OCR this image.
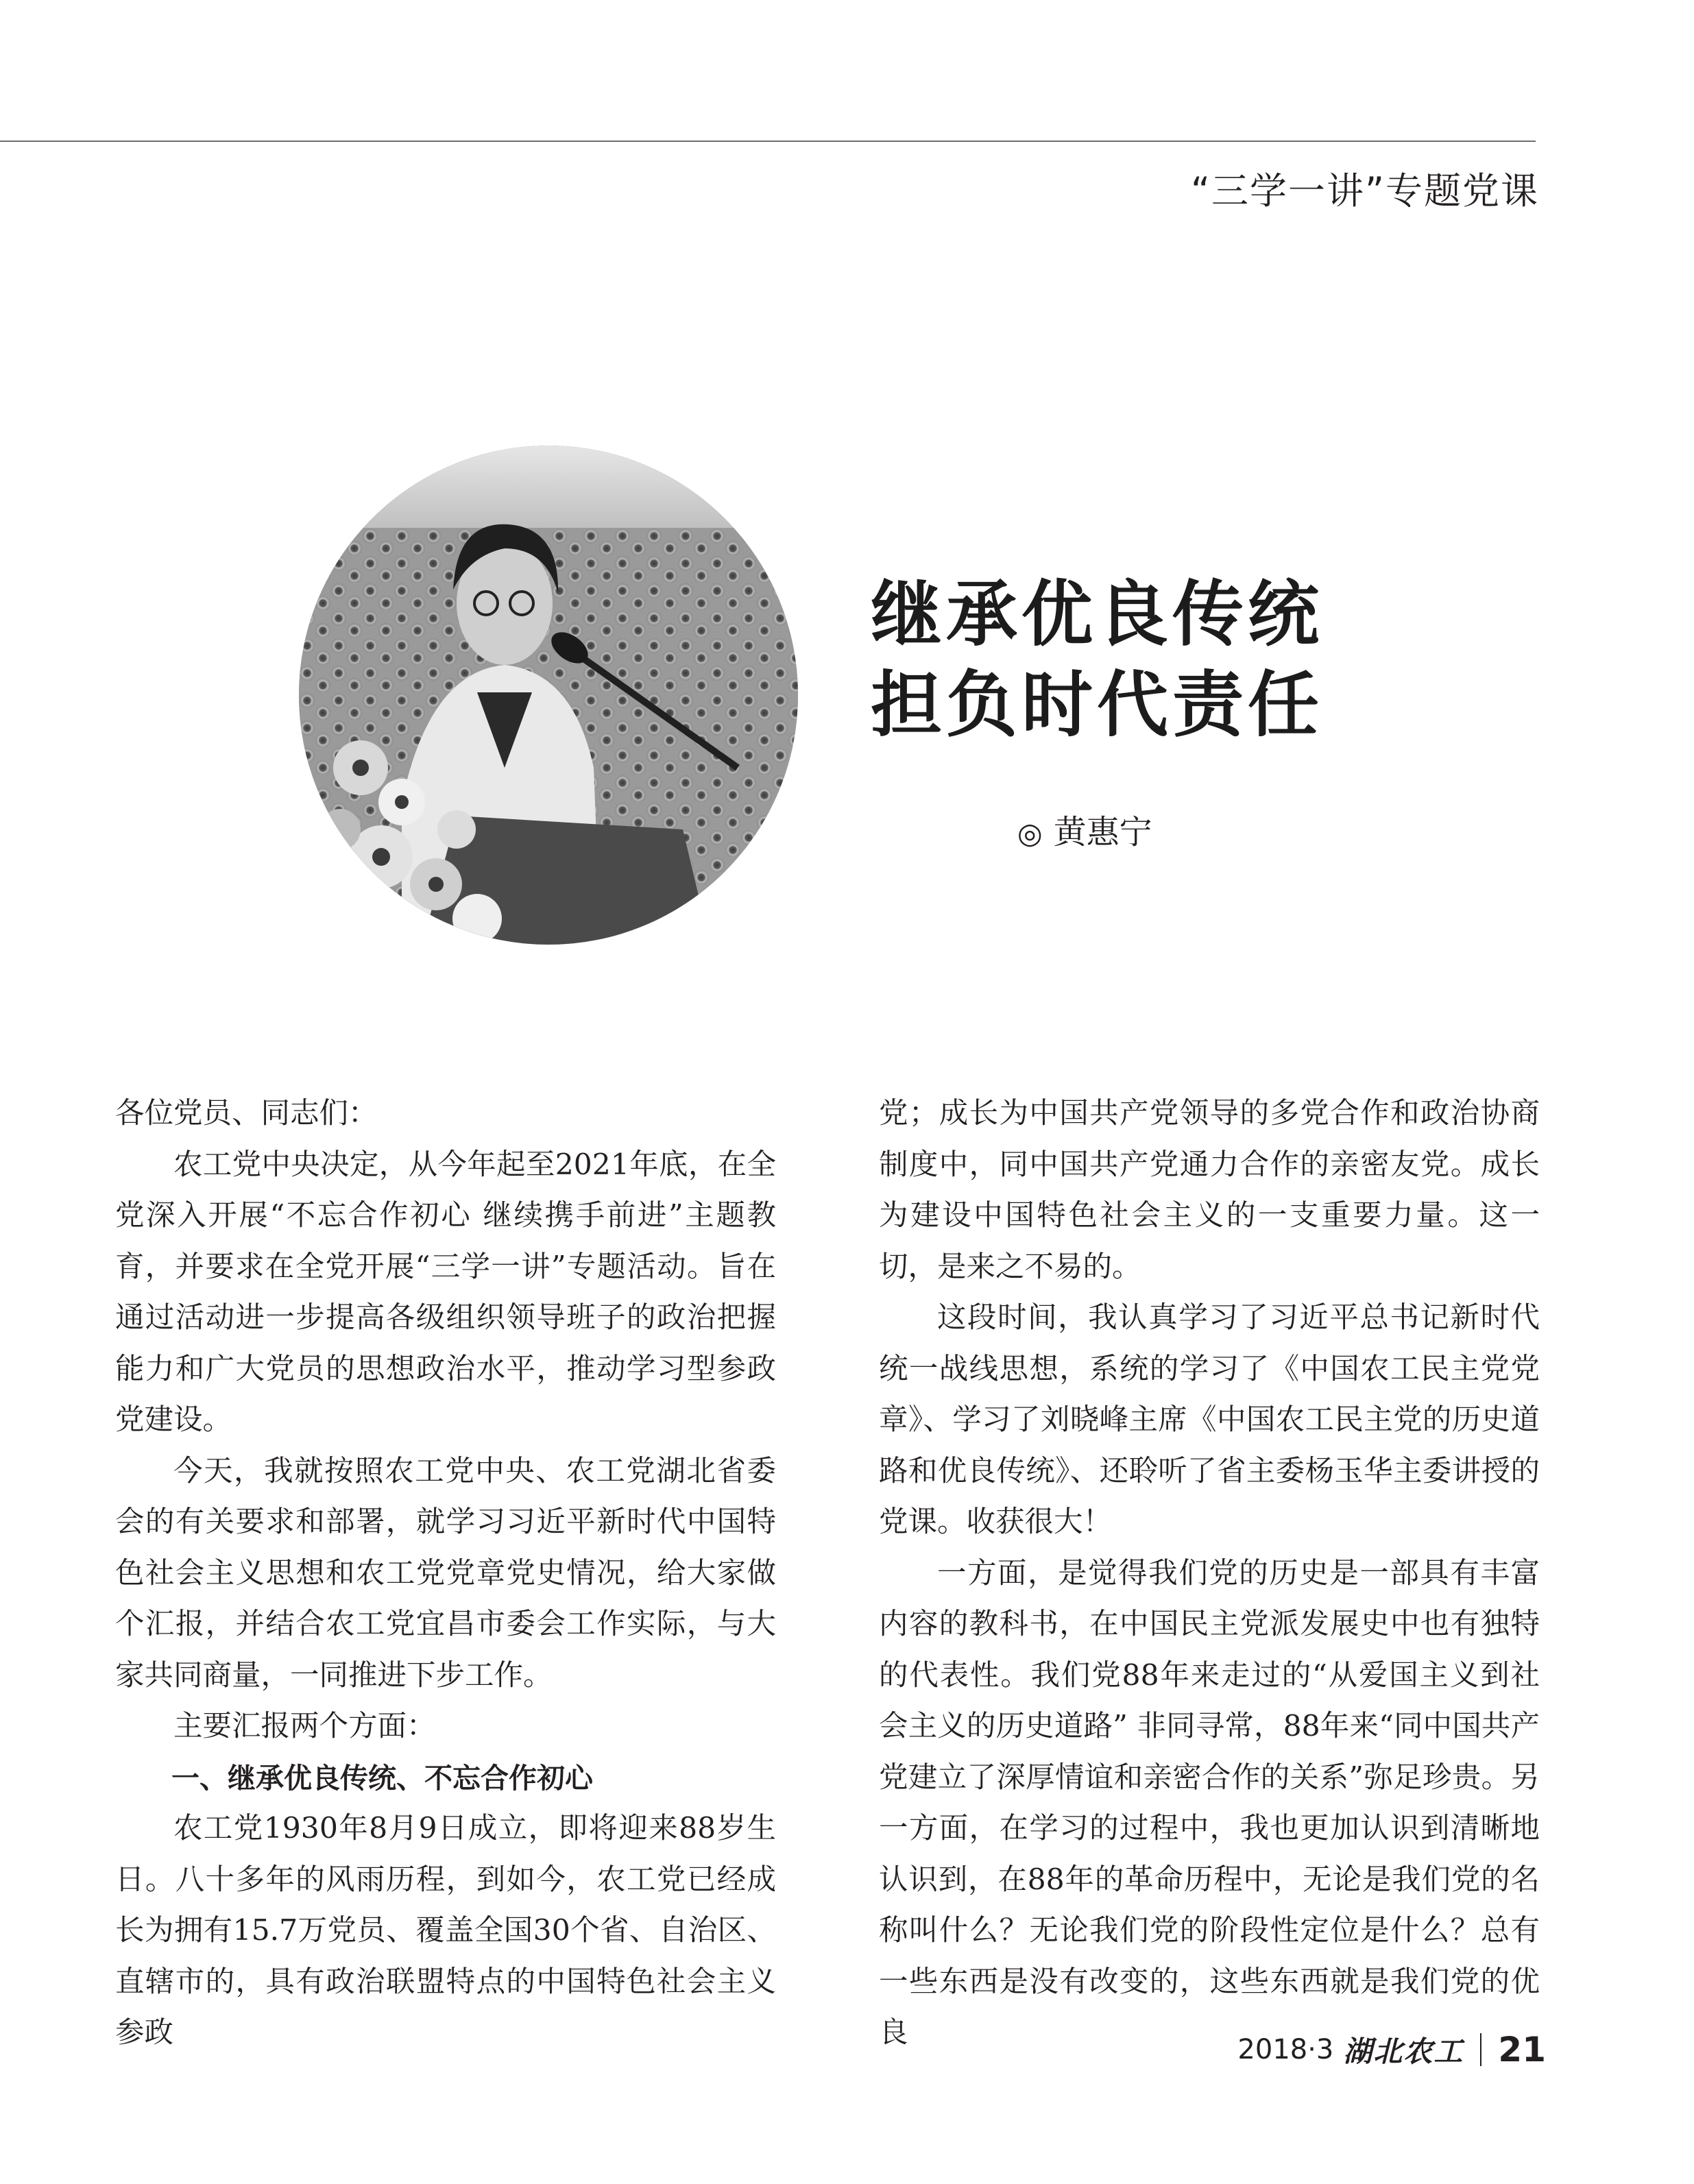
“三学一讲”专题党课
继承优良传统
担负时代责任
◎ 黄惠宁

各位党员、同志们：

农工党中央决定，从今年起至2021年底，在全党深入开展“不忘合作初心 继续携手前进”主题教育，并要求在全党开展“三学一讲”专题活动。旨在通过活动进一步提高各级组织领导班子的政治把握能力和广大党员的思想政治水平，推动学习型参政党建设。

今天，我就按照农工党中央、农工党湖北省委会的有关要求和部署，就学习习近平新时代中国特色社会主义思想和农工党党章党史情况，给大家做个汇报，并结合农工党宜昌市委会工作实际，与大家共同商量，一同推进下步工作。

主要汇报两个方面：

一、继承优良传统、不忘合作初心

农工党1930年8月9日成立，即将迎来88岁生日。八十多年的风雨历程，到如今，农工党已经成长为拥有15.7万党员、覆盖全国30个省、自治区、直辖市的，具有政治联盟特点的中国特色社会主义参政

党；成长为中国共产党领导的多党合作和政治协商制度中，同中国共产党通力合作的亲密友党。成长为建设中国特色社会主义的一支重要力量。这一切，是来之不易的。

这段时间，我认真学习了习近平总书记新时代统一战线思想，系统的学习了《中国农工民主党党章》、学习了刘晓峰主席《中国农工民主党的历史道路和优良传统》、还聆听了省主委杨玉华主委讲授的党课。收获很大！

一方面，是觉得我们党的历史是一部具有丰富内容的教科书，在中国民主党派发展史中也有独特的代表性。我们党88年来走过的“从爱国主义到社会主义的历史道路” 非同寻常，88年来“同中国共产党建立了深厚情谊和亲密合作的关系”弥足珍贵。另一方面，在学习的过程中，我也更加认识到清晰地认识到，在88年的革命历程中，无论是我们党的名称叫什么？无论我们党的阶段性定位是什么？总有一些东西是没有改变的，这些东西就是我们党的优良	2018·3 湖北农工 21
